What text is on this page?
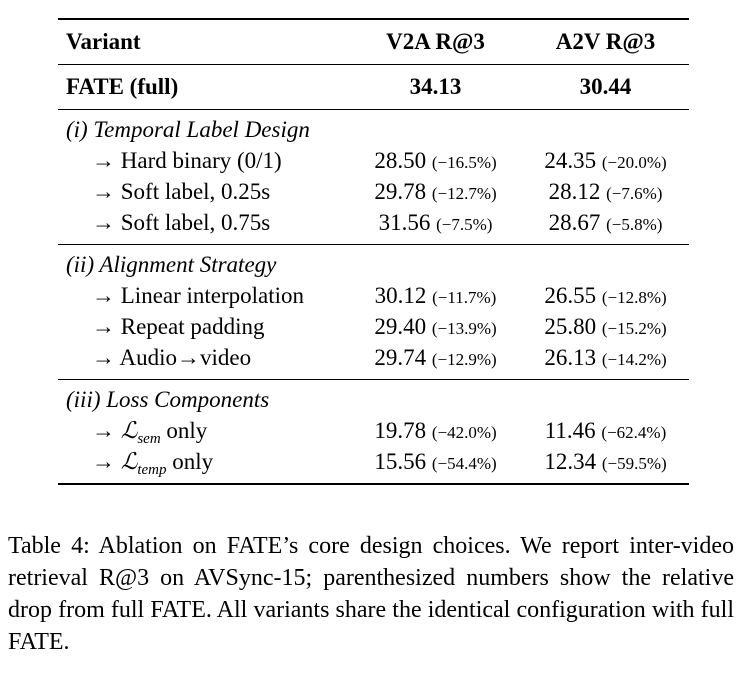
Variant	V2A R@3	A2V R@3
FATE (full)	34.13	30.44
(i) Temporal Label Design
→ Hard binary (0/1)	28.50 (−16.5%)	24.35 (−20.0%)
→ Soft label, 0.25s	29.78 (−12.7%)	28.12 (−7.6%)
→ Soft label, 0.75s	31.56 (−7.5%)	28.67 (−5.8%)
(ii) Alignment Strategy
→ Linear interpolation	30.12 (−11.7%)	26.55 (−12.8%)
→ Repeat padding	29.40 (−13.9%)	25.80 (−15.2%)
→ Audio→video	29.74 (−12.9%)	26.13 (−14.2%)
(iii) Loss Components
→ ℒ$_{sem}$ only	19.78 (−42.0%)	11.46 (−62.4%)
→ ℒ$_{temp}$ only	15.56 (−54.4%)	12.34 (−59.5%)
Table 4: Ablation on FATE’s core design choices. We report inter-video retrieval R@3 on AVSync-15; parenthesized numbers show the relative drop from full FATE. All variants share the identical configuration with full FATE.
